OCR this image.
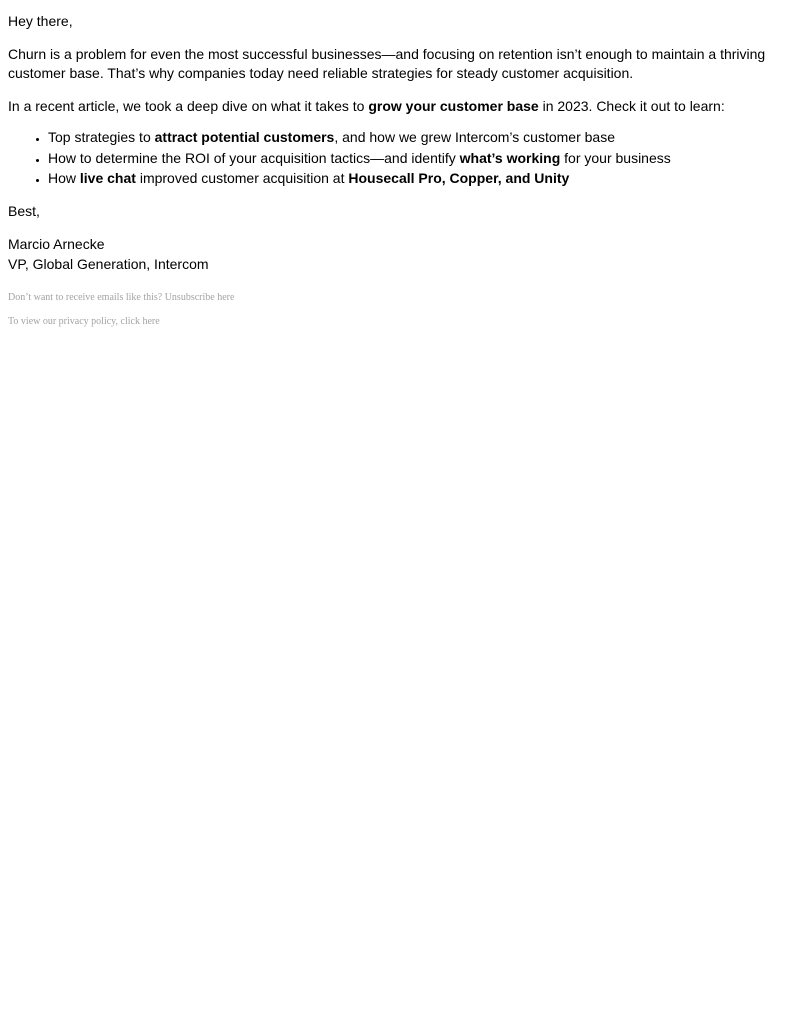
Hey there,

Churn is a problem for even the most successful businesses—and focusing on retention isn’t enough to maintain a thriving customer base. That’s why companies today need reliable strategies for steady customer acquisition.

In a recent article, we took a deep dive on what it takes to grow your customer base in 2023. Check it out to learn:

• Top strategies to attract potential customers, and how we grew Intercom’s customer base
• How to determine the ROI of your acquisition tactics—and identify what’s working for your business
• How live chat improved customer acquisition at Housecall Pro, Copper, and Unity

Best,

Marcio Arnecke

VP, Global Generation, Intercom

Don’t want to receive emails like this? Unsubscribe here

To view our privacy policy, click here
